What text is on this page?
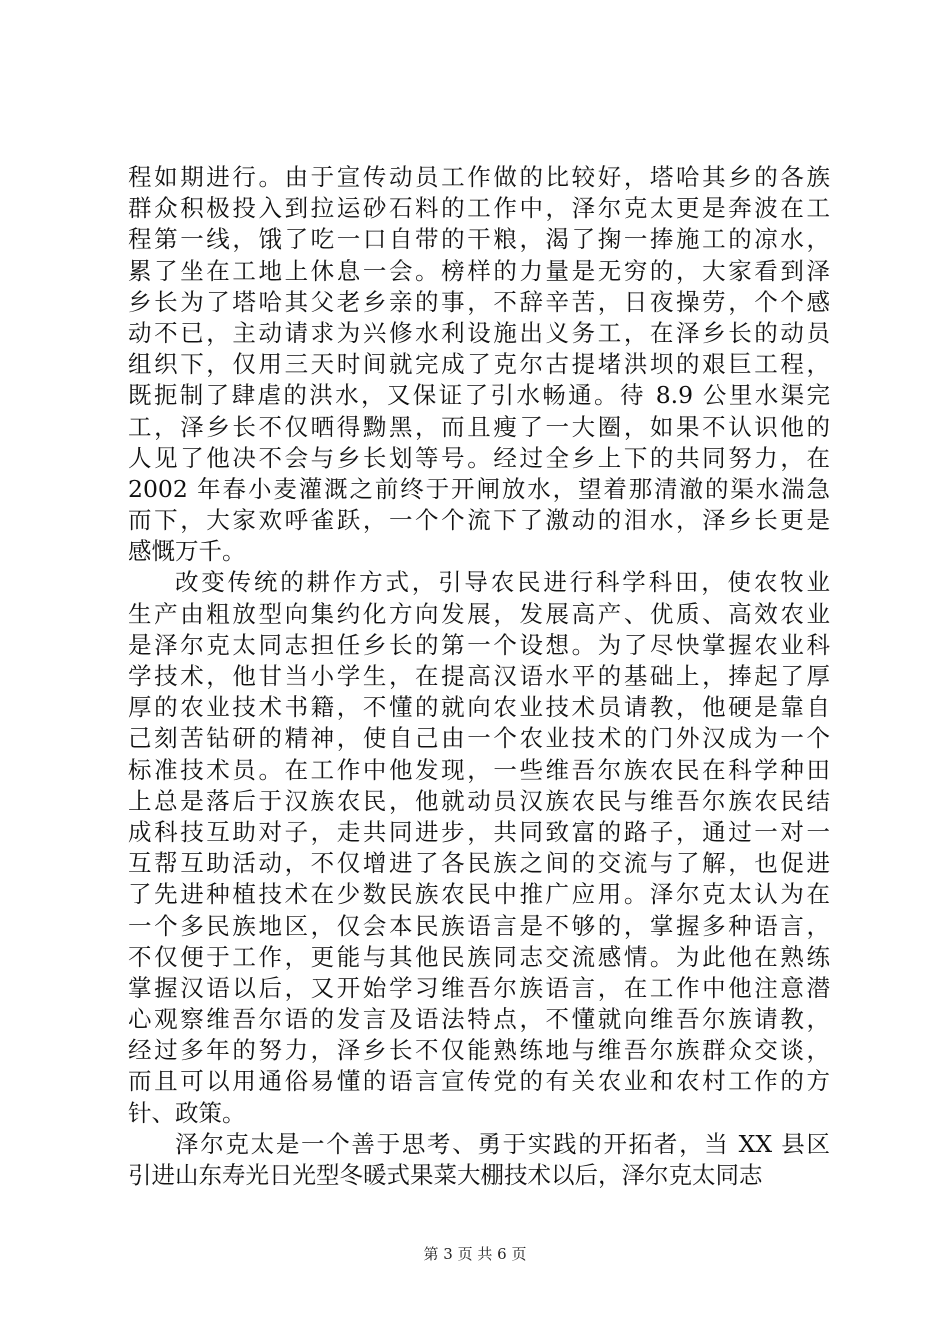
程如期进行。由于宣传动员工作做的比较好，塔哈其乡的各族
群众积极投入到拉运砂石料的工作中，泽尔克太更是奔波在工
程第一线，饿了吃一口自带的干粮，渴了掬一捧施工的凉水，
累了坐在工地上休息一会。榜样的力量是无穷的，大家看到泽
乡长为了塔哈其父老乡亲的事，不辞辛苦，日夜操劳，个个感
动不已，主动请求为兴修水利设施出义务工，在泽乡长的动员
组织下，仅用三天时间就完成了克尔古提堵洪坝的艰巨工程，
既扼制了肆虐的洪水，又保证了引水畅通。待 8.9 公里水渠完
工，泽乡长不仅晒得黝黑，而且瘦了一大圈，如果不认识他的
人见了他决不会与乡长划等号。经过全乡上下的共同努力，在
2002 年春小麦灌溉之前终于开闸放水，望着那清澈的渠水湍急
而下，大家欢呼雀跃，一个个流下了激动的泪水，泽乡长更是
感慨万千。
改变传统的耕作方式，引导农民进行科学科田，使农牧业
生产由粗放型向集约化方向发展，发展高产、优质、高效农业
是泽尔克太同志担任乡长的第一个设想。为了尽快掌握农业科
学技术，他甘当小学生，在提高汉语水平的基础上，捧起了厚
厚的农业技术书籍，不懂的就向农业技术员请教，他硬是靠自
己刻苦钻研的精神，使自己由一个农业技术的门外汉成为一个
标准技术员。在工作中他发现，一些维吾尔族农民在科学种田
上总是落后于汉族农民，他就动员汉族农民与维吾尔族农民结
成科技互助对子，走共同进步，共同致富的路子，通过一对一
互帮互助活动，不仅增进了各民族之间的交流与了解，也促进
了先进种植技术在少数民族农民中推广应用。泽尔克太认为在
一个多民族地区，仅会本民族语言是不够的，掌握多种语言，
不仅便于工作，更能与其他民族同志交流感情。为此他在熟练
掌握汉语以后，又开始学习维吾尔族语言，在工作中他注意潜
心观察维吾尔语的发言及语法特点，不懂就向维吾尔族请教，
经过多年的努力，泽乡长不仅能熟练地与维吾尔族群众交谈，
而且可以用通俗易懂的语言宣传党的有关农业和农村工作的方
针、政策。
泽尔克太是一个善于思考、勇于实践的开拓者，当 XX 县区
引进山东寿光日光型冬暖式果菜大棚技术以后，泽尔克太同志
第 3 页 共 6 页
